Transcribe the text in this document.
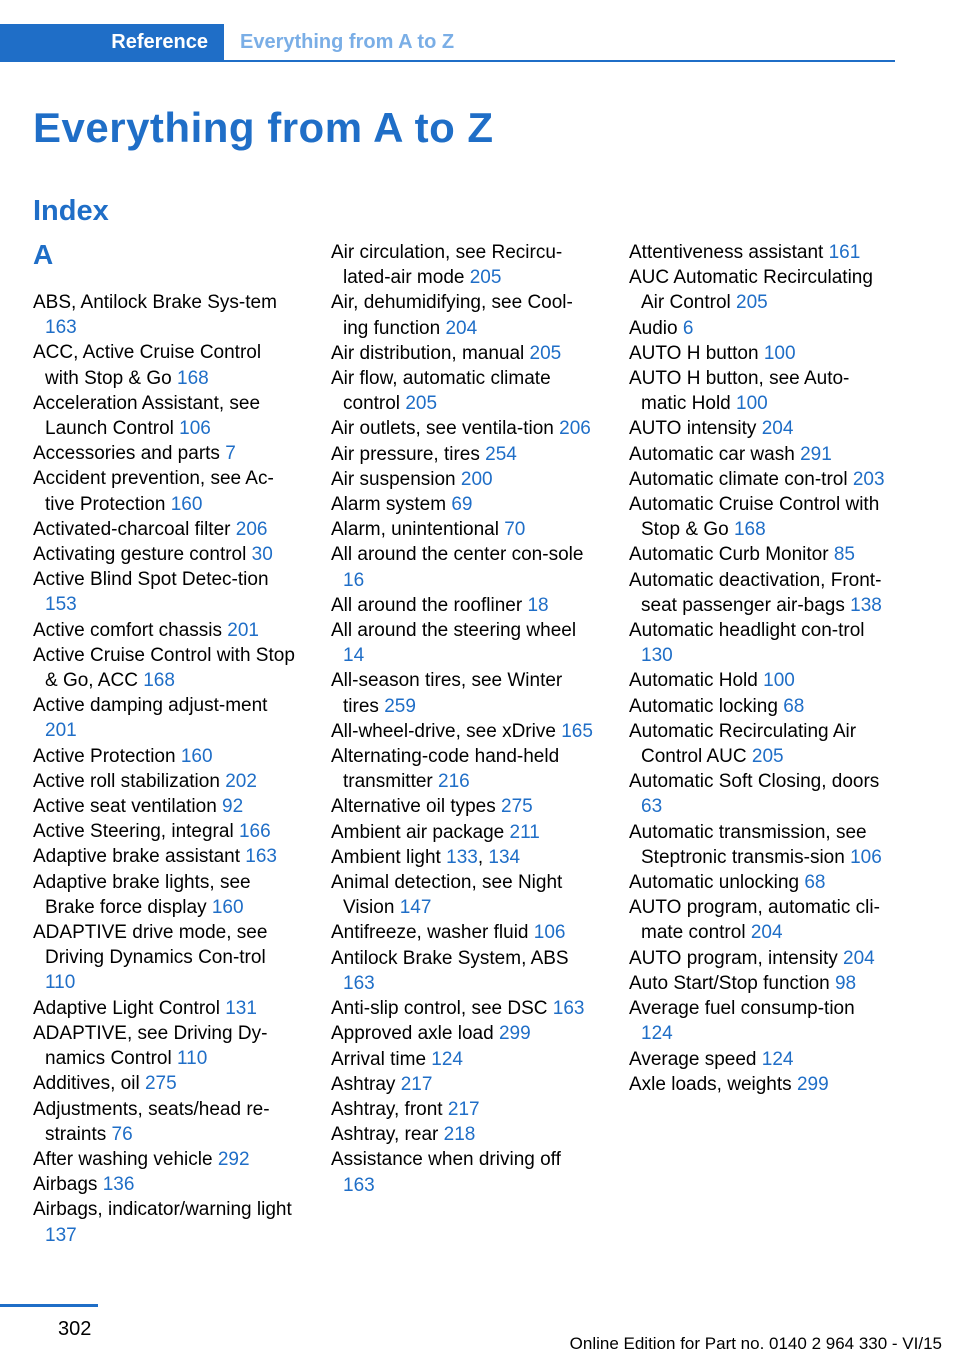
Reference	Everything from A to Z
Everything from A to Z
Index
A

ABS, Antilock Brake Sys-tem 163

ACC, Active Cruise Control with Stop & Go 168

Acceleration Assistant, see Launch Control 106

Accessories and parts 7

Accident prevention, see Ac-tive Protection 160

Activated-charcoal filter 206

Activating gesture control 30

Active Blind Spot Detec-tion 153

Active comfort chassis 201

Active Cruise Control with Stop & Go, ACC 168

Active damping adjust-ment 201

Active Protection 160

Active roll stabilization 202

Active seat ventilation 92

Active Steering, integral 166

Adaptive brake assistant 163

Adaptive brake lights, see Brake force display 160

ADAPTIVE drive mode, see Driving Dynamics Con-trol 110

Adaptive Light Control 131

ADAPTIVE, see Driving Dy-namics Control 110

Additives, oil 275

Adjustments, seats/head re-straints 76

After washing vehicle 292

Airbags 136

Airbags, indicator/warning light 137

Air circulation, see Recircu-lated-air mode 205

Air, dehumidifying, see Cool-ing function 204

Air distribution, manual 205

Air flow, automatic climate control 205

Air outlets, see ventila-tion 206

Air pressure, tires 254

Air suspension 200

Alarm system 69

Alarm, unintentional 70

All around the center con-sole 16

All around the roofliner 18

All around the steering wheel 14

All-season tires, see Winter tires 259

All-wheel-drive, see xDrive 165

Alternating-code hand-held transmitter 216

Alternative oil types 275

Ambient air package 211

Ambient light 133, 134

Animal detection, see Night Vision 147

Antifreeze, washer fluid 106

Antilock Brake System, ABS 163

Anti-slip control, see DSC 163

Approved axle load 299

Arrival time 124

Ashtray 217

Ashtray, front 217

Ashtray, rear 218

Assistance when driving off 163

Attentiveness assistant 161

AUC Automatic Recirculating Air Control 205

Audio 6

AUTO H button 100

AUTO H button, see Auto-matic Hold 100

AUTO intensity 204

Automatic car wash 291

Automatic climate con-trol 203

Automatic Cruise Control with Stop & Go 168

Automatic Curb Monitor 85

Automatic deactivation, Front-seat passenger air-bags 138

Automatic headlight con-trol 130

Automatic Hold 100

Automatic locking 68

Automatic Recirculating Air Control AUC 205

Automatic Soft Closing, doors 63

Automatic transmission, see Steptronic transmis-sion 106

Automatic unlocking 68

AUTO program, automatic cli-mate control 204

AUTO program, intensity 204

Auto Start/Stop function 98

Average fuel consump-tion 124

Average speed 124

Axle loads, weights 299

302
Online Edition for Part no. 0140 2 964 330 - VI/15
